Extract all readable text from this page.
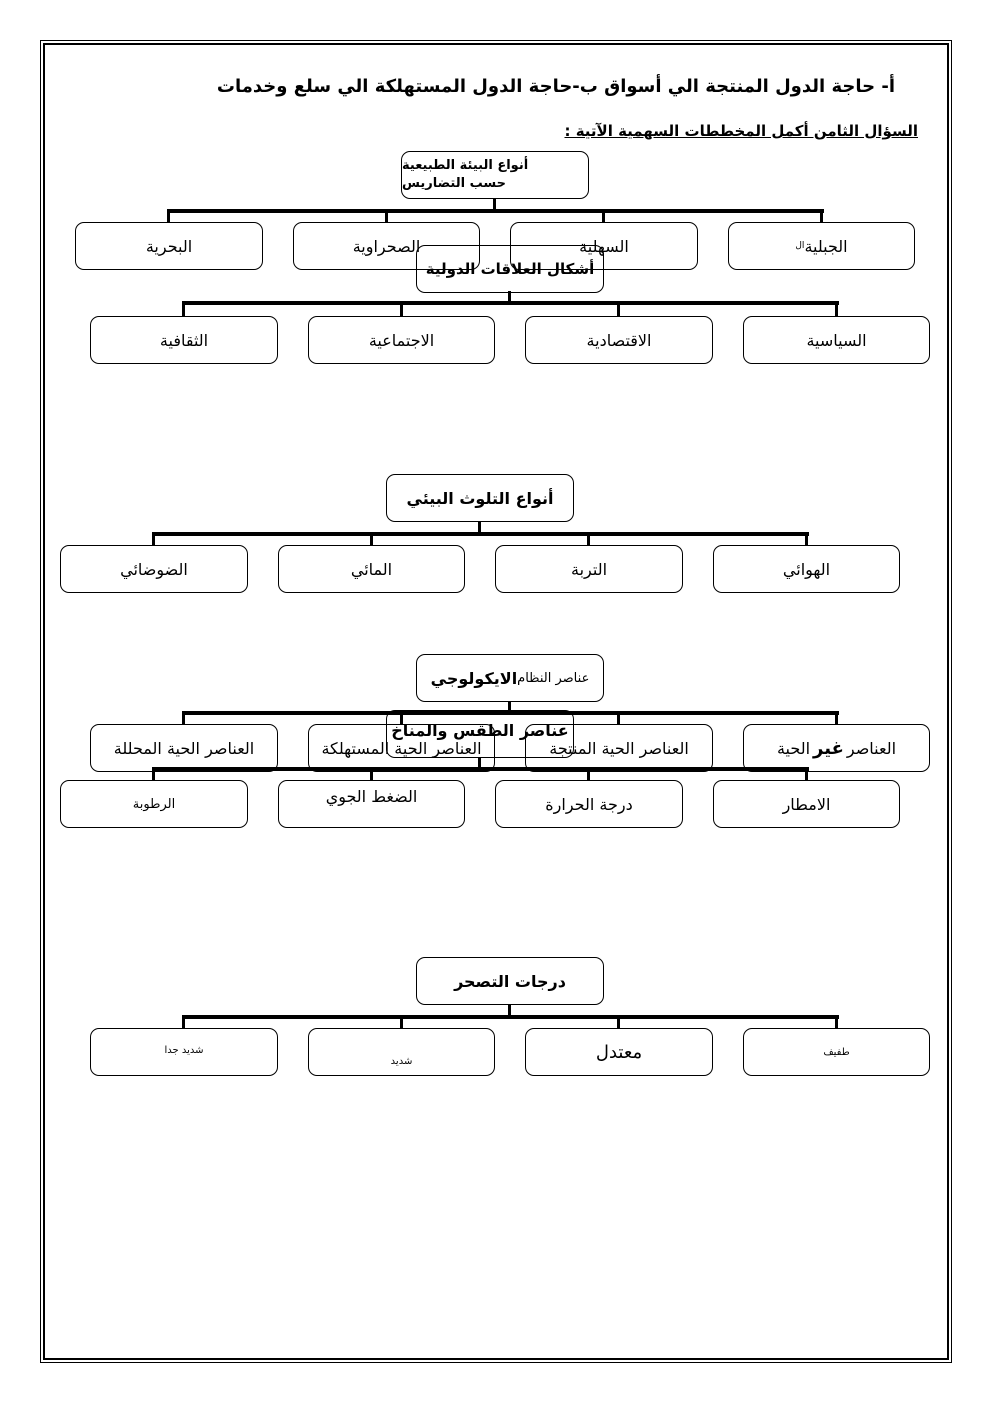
أ- حاجة الدول المنتجة الي أسواق ب-حاجة الدول المستهلكة الي سلع وخدمات
السؤال الثامن أكمل المخططات السهمية الآتية :
الجبلية
ال
السهلية
الصحراوية
البحرية
أنواع البيئة الطبيعية
حسب التضاريس
أشكال العلاقات الدولية
السياسية
الاقتصادية
الاجتماعية
الثقافية
أنواع التلوث البيئي
الهوائي
التربة
المائي
الضوضائي
عناصر النظام
الايكولوجي
العناصر
غير
الحية
العناصر الحية المنتجة
العناصر الحية المستهلكة
العناصر الحية المحللة
عناصر الطقس والمناخ
الامطار
درجة الحرارة
الضغط الجوي
الرطوبة
درجات التصحر
طفيف
معتدل
شديد
شديد جدا
